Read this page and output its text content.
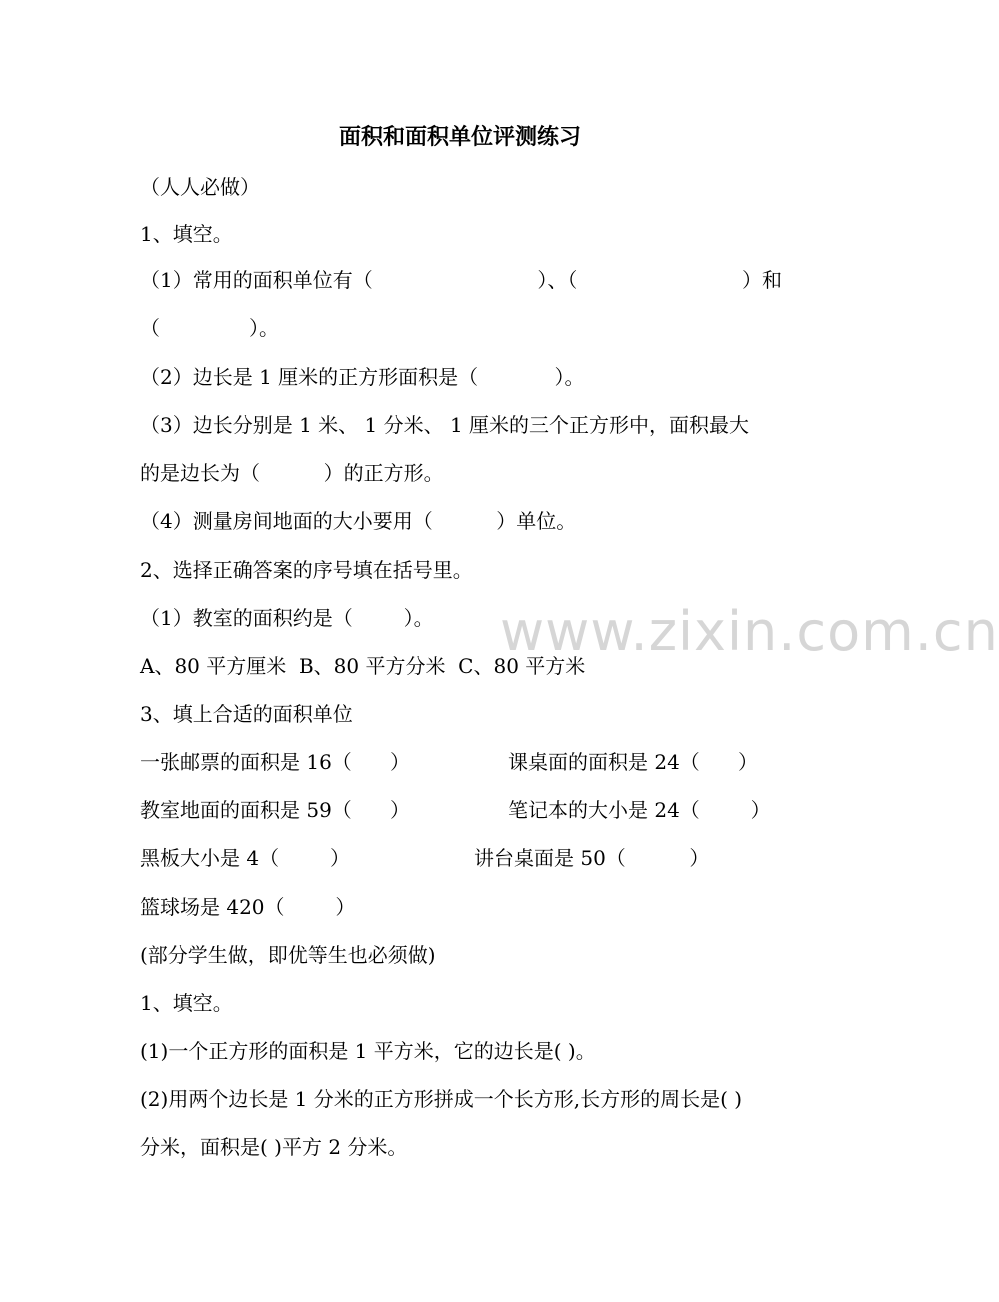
面积和面积单位评测练习
（人人必做）
1、填空。
（1）常用的面积单位有（	）、（	）和
（              ）。
（2）边长是 1 厘米的正方形面积是（            ）。
（3）边长分别是 1 米、 1 分米、 1 厘米的三个正方形中，面积最大
的是边长为（          ）的正方形。
（4）测量房间地面的大小要用（          ）单位。
2、选择正确答案的序号填在括号里。
（1）教室的面积约是（        ）。
A、80 平方厘米  B、80 平方分米  C、80 平方米
3、填上合适的面积单位
一张邮票的面积是 16（      ）	课桌面的面积是 24（      ）
教室地面的面积是 59（      ）	笔记本的大小是 24（        ）
黑板大小是 4（        ）	讲台桌面是 50（          ）
篮球场是 420（        ）
(部分学生做，即优等生也必须做)
1、填空。
(1)一个正方形的面积是 1 平方米，它的边长是( )。
(2)用两个边长是 1 分米的正方形拼成一个长方形,长方形的周长是( )
分米，面积是( )平方 2 分米。
www.zixin.com.cn
